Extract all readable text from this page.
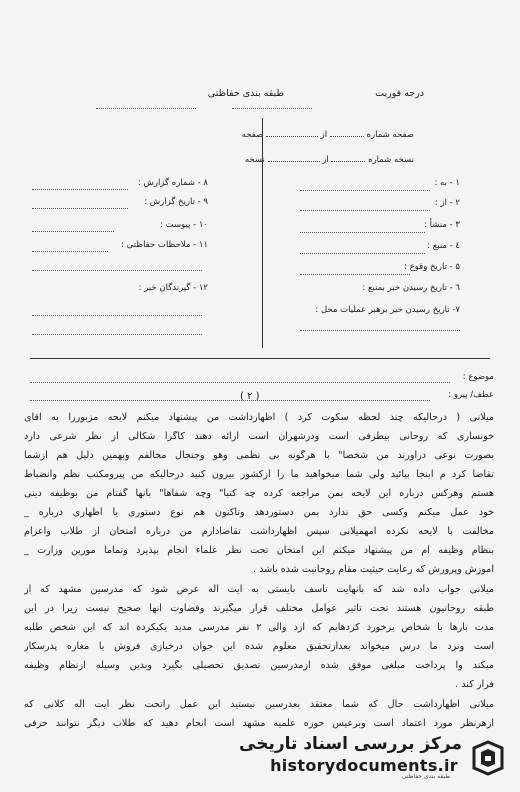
درجه فوریت
طبقه بندی حفاظتی
صفحه شماره  از  صفحه
نسخه شماره  از  نسخه
۱ - به :
۲ - از :
۳ - منشأ :
٤ - منبع :
۵ - تاریخ وقوع :
٦ - تاریخ رسیدن خبر بمنبع :
۷- تاریخ رسیدن خبر برهبر عملیات محل :
۸ - شماره گزارش :
۹ - تاریخ گزارش :
۱۰ - پیوست :
۱۱ - ملاحظات حفاظتی :
۱۲ - گیرندگان خبر :
موضوع :
عطف/ پیرو :
( ۲ )
میلانی ( درحالیکه چند لحظه سکوت کرد ) اظهارداشت من پیشنهاد میکنم لایحه مزبوررا به آقای
خونساری که روحانی بیطرفی است ودرشهران است ارائه دهند کاگرا شکالی از نظر شرعی دارد
بصورت نوعی درآورند من شخصا" با هرگونه بی نظمی وهو وجنجال مخالفم وبهمین دلیل هم ازشما
تقاضا کرد م اینجا بیائید ولی شما میخواهید ما را ازکشور بیرون کنید درحالیکه من پیرومکتب نظم وانضباط
هستم وهرکس درباره این لایحه بمن مراجعه کرده چه کتبا" وچه شفاها" بانها گفتام من بوظیفه دینی
خود عمل میکنم وکسی حق ندارد بمن دستوردهد وتاکنون هم نوع دستوری یا اظهاری درباره _
مخالفت با لایحه نکرده امهمیلانی سپس اظهارداشت تقاضادارم من درباره امتحان از طلاب واعزام
بنظام وظیفه ام من پیشنهاد میکنم این امتحان تحت نظر علماء انجام بپذیرد وتماما مورین وزارت _
آموزش وپرورش که رعایت حیثیت مقام روحانیت شده باشد .
میلانی جواب داده شد که بانهایت تاسف بایستی به آیت اله عرض شود که مدرسین مشهد که از
طبقه روحانیون هستند تحت تاثیر عوامل مختلف قرار میگیرند وقضاوت آنها صحیح نیست زیرا در این
مدت بارها با شخاص برخورد کردهایم که ازد والی ۲ نفر مدرسی مدید یکیکرده اند که این شخص طلبه
است ونزد ما درس میخواند بعدازتحقیق معلوم شده این جوان درخیازی فروش یا مغازه پدرسکار
میکند وا پرداخت مبلغی موفق شده ازمدرسین تصدیق تحصیلی بگیرد وبدین وسیله ازنظام وظیفه
فرار کند .
میلانی اظهارداشت حال که شما معتقد بعدرسین نیستید این عمل راتحت نظر آیت اله کلانی که
ازهرنظر مورد اعتماد است وبرعیس حوزه علمیه مشهد است انجام دهید که طلاب دیگر نتوانند حرفی
مرکز بررسی اسناد تاریخی
historydocuments.ir
طبقه بندی حفاظتی
